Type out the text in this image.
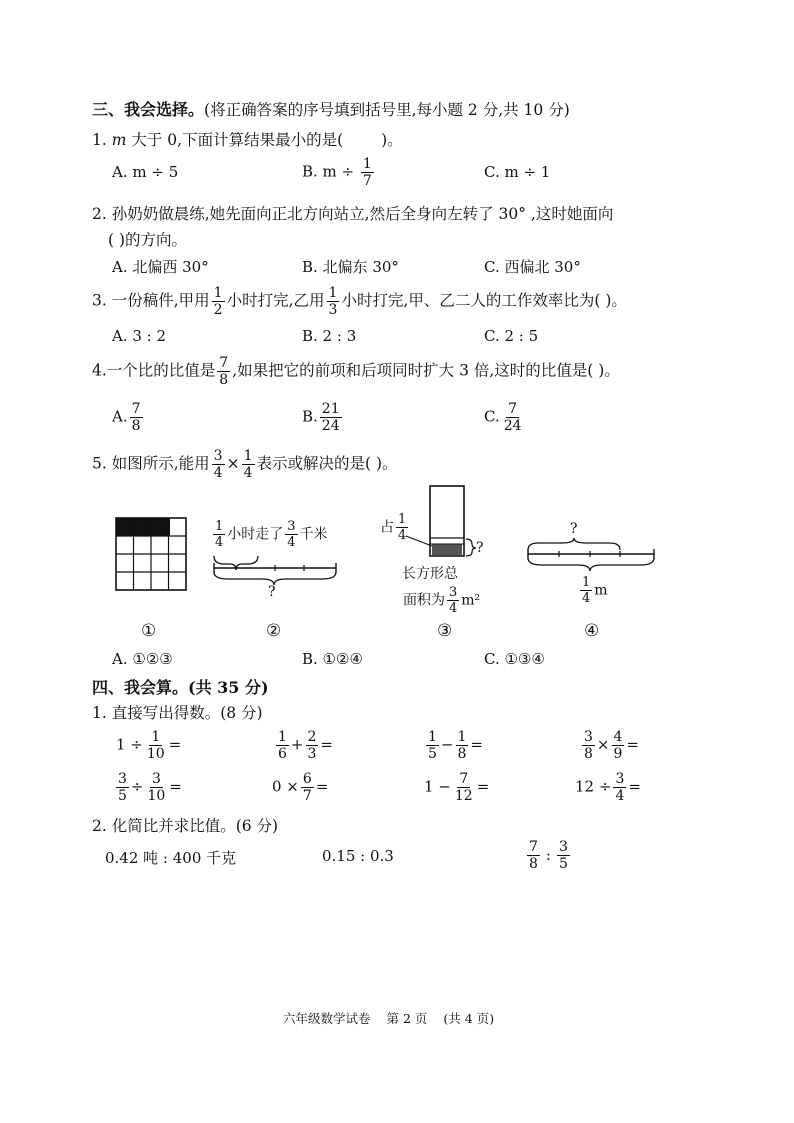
三、我会选择。(将正确答案的序号填到括号里,每小题 2 分,共 10 分)
1. m 大于 0,下面计算结果最小的是( )。
A. m ÷ 5	B. $m \div \frac{1}{7}$	C. m ÷ 1
2. 孙奶奶做晨练,她先面向正北方向站立,然后全身向左转了 30° ,这时她面向
( )的方向。
A. 北偏西 30°	B. 北偏东 30°	C. 西偏北 30°
3. 一份稿件,甲用 $\frac{1}{2}$ 小时打完,乙用 $\frac{1}{3}$ 小时打完,甲、乙二人的工作效率比为( )。
A. 3 : 2	B. 2 : 3	C. 2 : 5
4.一个比的比值是 $\frac{7}{8}$ ,如果把它的前项和后项同时扩大 3 倍,这时的比值是( )。
A. $\frac{7}{8}$	B. $\frac{21}{24}$	C. $\frac{7}{24}$
5. 如图所示,能用 $\frac{3}{4} \times \frac{1}{4}$ 表示或解决的是( )。
$\frac{1}{4}$ 小时走了 $\frac{3}{4}$ 千米
?
占 $\frac{1}{4}$
?
长方形总
面积为 $\frac{3}{4} m^2$
?
$\frac{1}{4}$ m
①	②	③	④
A. ①②③	B. ①②④	C. ①③④
四、我会算。(共 35 分)
1. 直接写出得数。(8 分)
$1 \div \frac{1}{10}$ =	$\frac{1}{6} + \frac{2}{3}$ =	$\frac{1}{5} - \frac{1}{8}$ =	$\frac{3}{8} \times \frac{4}{9}$ =
$\frac{3}{5} \div \frac{3}{10}$ =	$0 \times \frac{6}{7}$ =	$1 - \frac{7}{12}$ =	$12 \div \frac{3}{4}$ =
2. 化简比并求比值。(6 分)
0.42 吨 : 400 千克	0.15 : 0.3	$\frac{7}{8}$ : $\frac{3}{5}$
六年级数学试卷 第 2 页 (共 4 页)
